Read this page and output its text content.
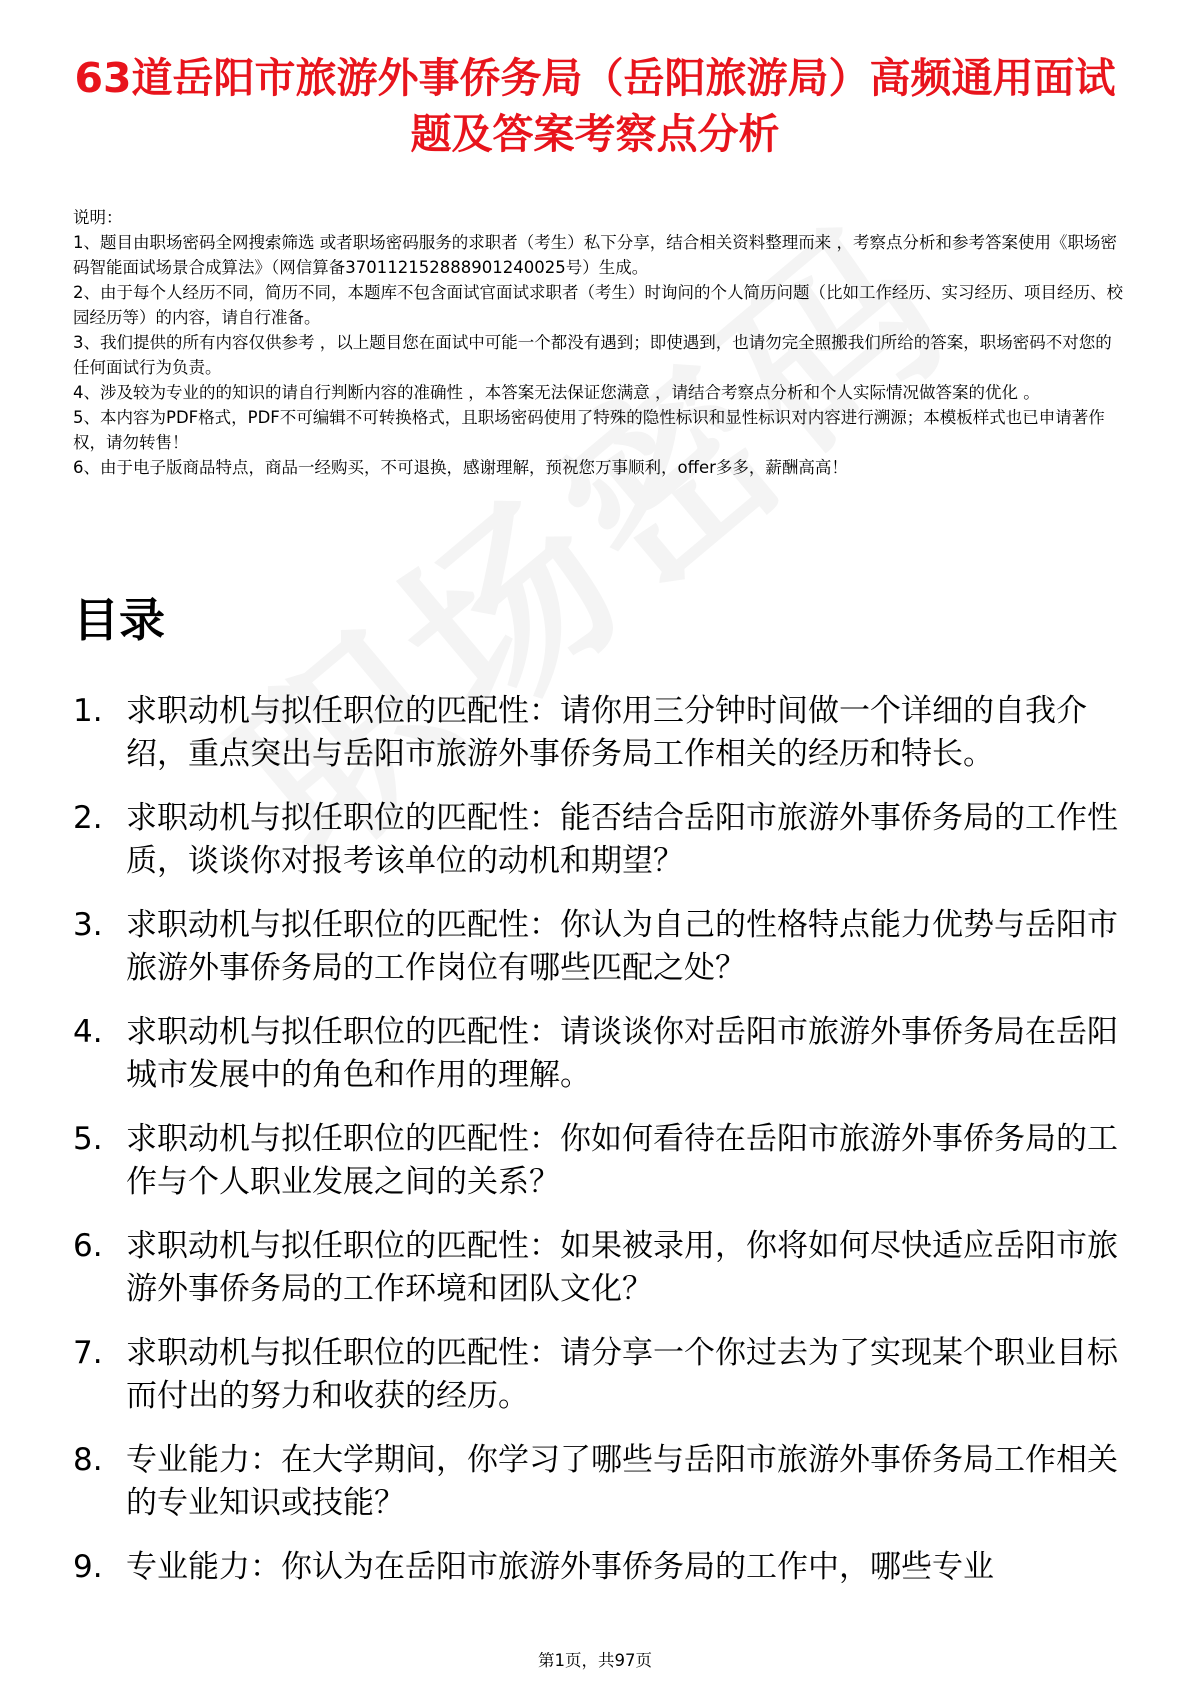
63道岳阳市旅游外事侨务局（岳阳旅游局）高频通用面试题及答案考察点分析

说明：

1、题目由职场密码全网搜索筛选 或者职场密码服务的求职者（考生）私下分享，结合相关资料整理而来 ，考察点分析和参考答案使用《职场密码智能面试场景合成算法》（网信算备370112152888901240025号）生成。

2、由于每个人经历不同，简历不同，本题库不包含面试官面试求职者（考生）时询问的个人简历问题（比如工作经历、实习经历、项目经历、校园经历等）的内容，请自行准备。

3、我们提供的所有内容仅供参考 ，以上题目您在面试中可能一个都没有遇到；即使遇到，也请勿完全照搬我们所给的答案，职场密码不对您的任何面试行为负责。

4、涉及较为专业的的知识的请自行判断内容的准确性 ，本答案无法保证您满意 ，请结合考察点分析和个人实际情况做答案的优化 。

5、本内容为PDF格式，PDF不可编辑不可转换格式，且职场密码使用了特殊的隐性标识和显性标识对内容进行溯源；本模板样式也已申请著作权，请勿转售！

6、由于电子版商品特点，商品一经购买，不可退换，感谢理解，预祝您万事顺利，offer多多，薪酬高高！

目录
1. 求职动机与拟任职位的匹配性：请你用三分钟时间做一个详细的自我介绍，重点突出与岳阳市旅游外事侨务局工作相关的经历和特长。
2. 求职动机与拟任职位的匹配性：能否结合岳阳市旅游外事侨务局的工作性质，谈谈你对报考该单位的动机和期望？
3. 求职动机与拟任职位的匹配性：你认为自己的性格特点能力优势与岳阳市旅游外事侨务局的工作岗位有哪些匹配之处？
4. 求职动机与拟任职位的匹配性：请谈谈你对岳阳市旅游外事侨务局在岳阳城市发展中的角色和作用的理解。
5. 求职动机与拟任职位的匹配性：你如何看待在岳阳市旅游外事侨务局的工作与个人职业发展之间的关系？
6. 求职动机与拟任职位的匹配性：如果被录用，你将如何尽快适应岳阳市旅游外事侨务局的工作环境和团队文化？
7. 求职动机与拟任职位的匹配性：请分享一个你过去为了实现某个职业目标而付出的努力和收获的经历。
8. 专业能力：在大学期间，你学习了哪些与岳阳市旅游外事侨务局工作相关的专业知识或技能？
9. 专业能力：你认为在岳阳市旅游外事侨务局的工作中，哪些专业
第1页，共97页
